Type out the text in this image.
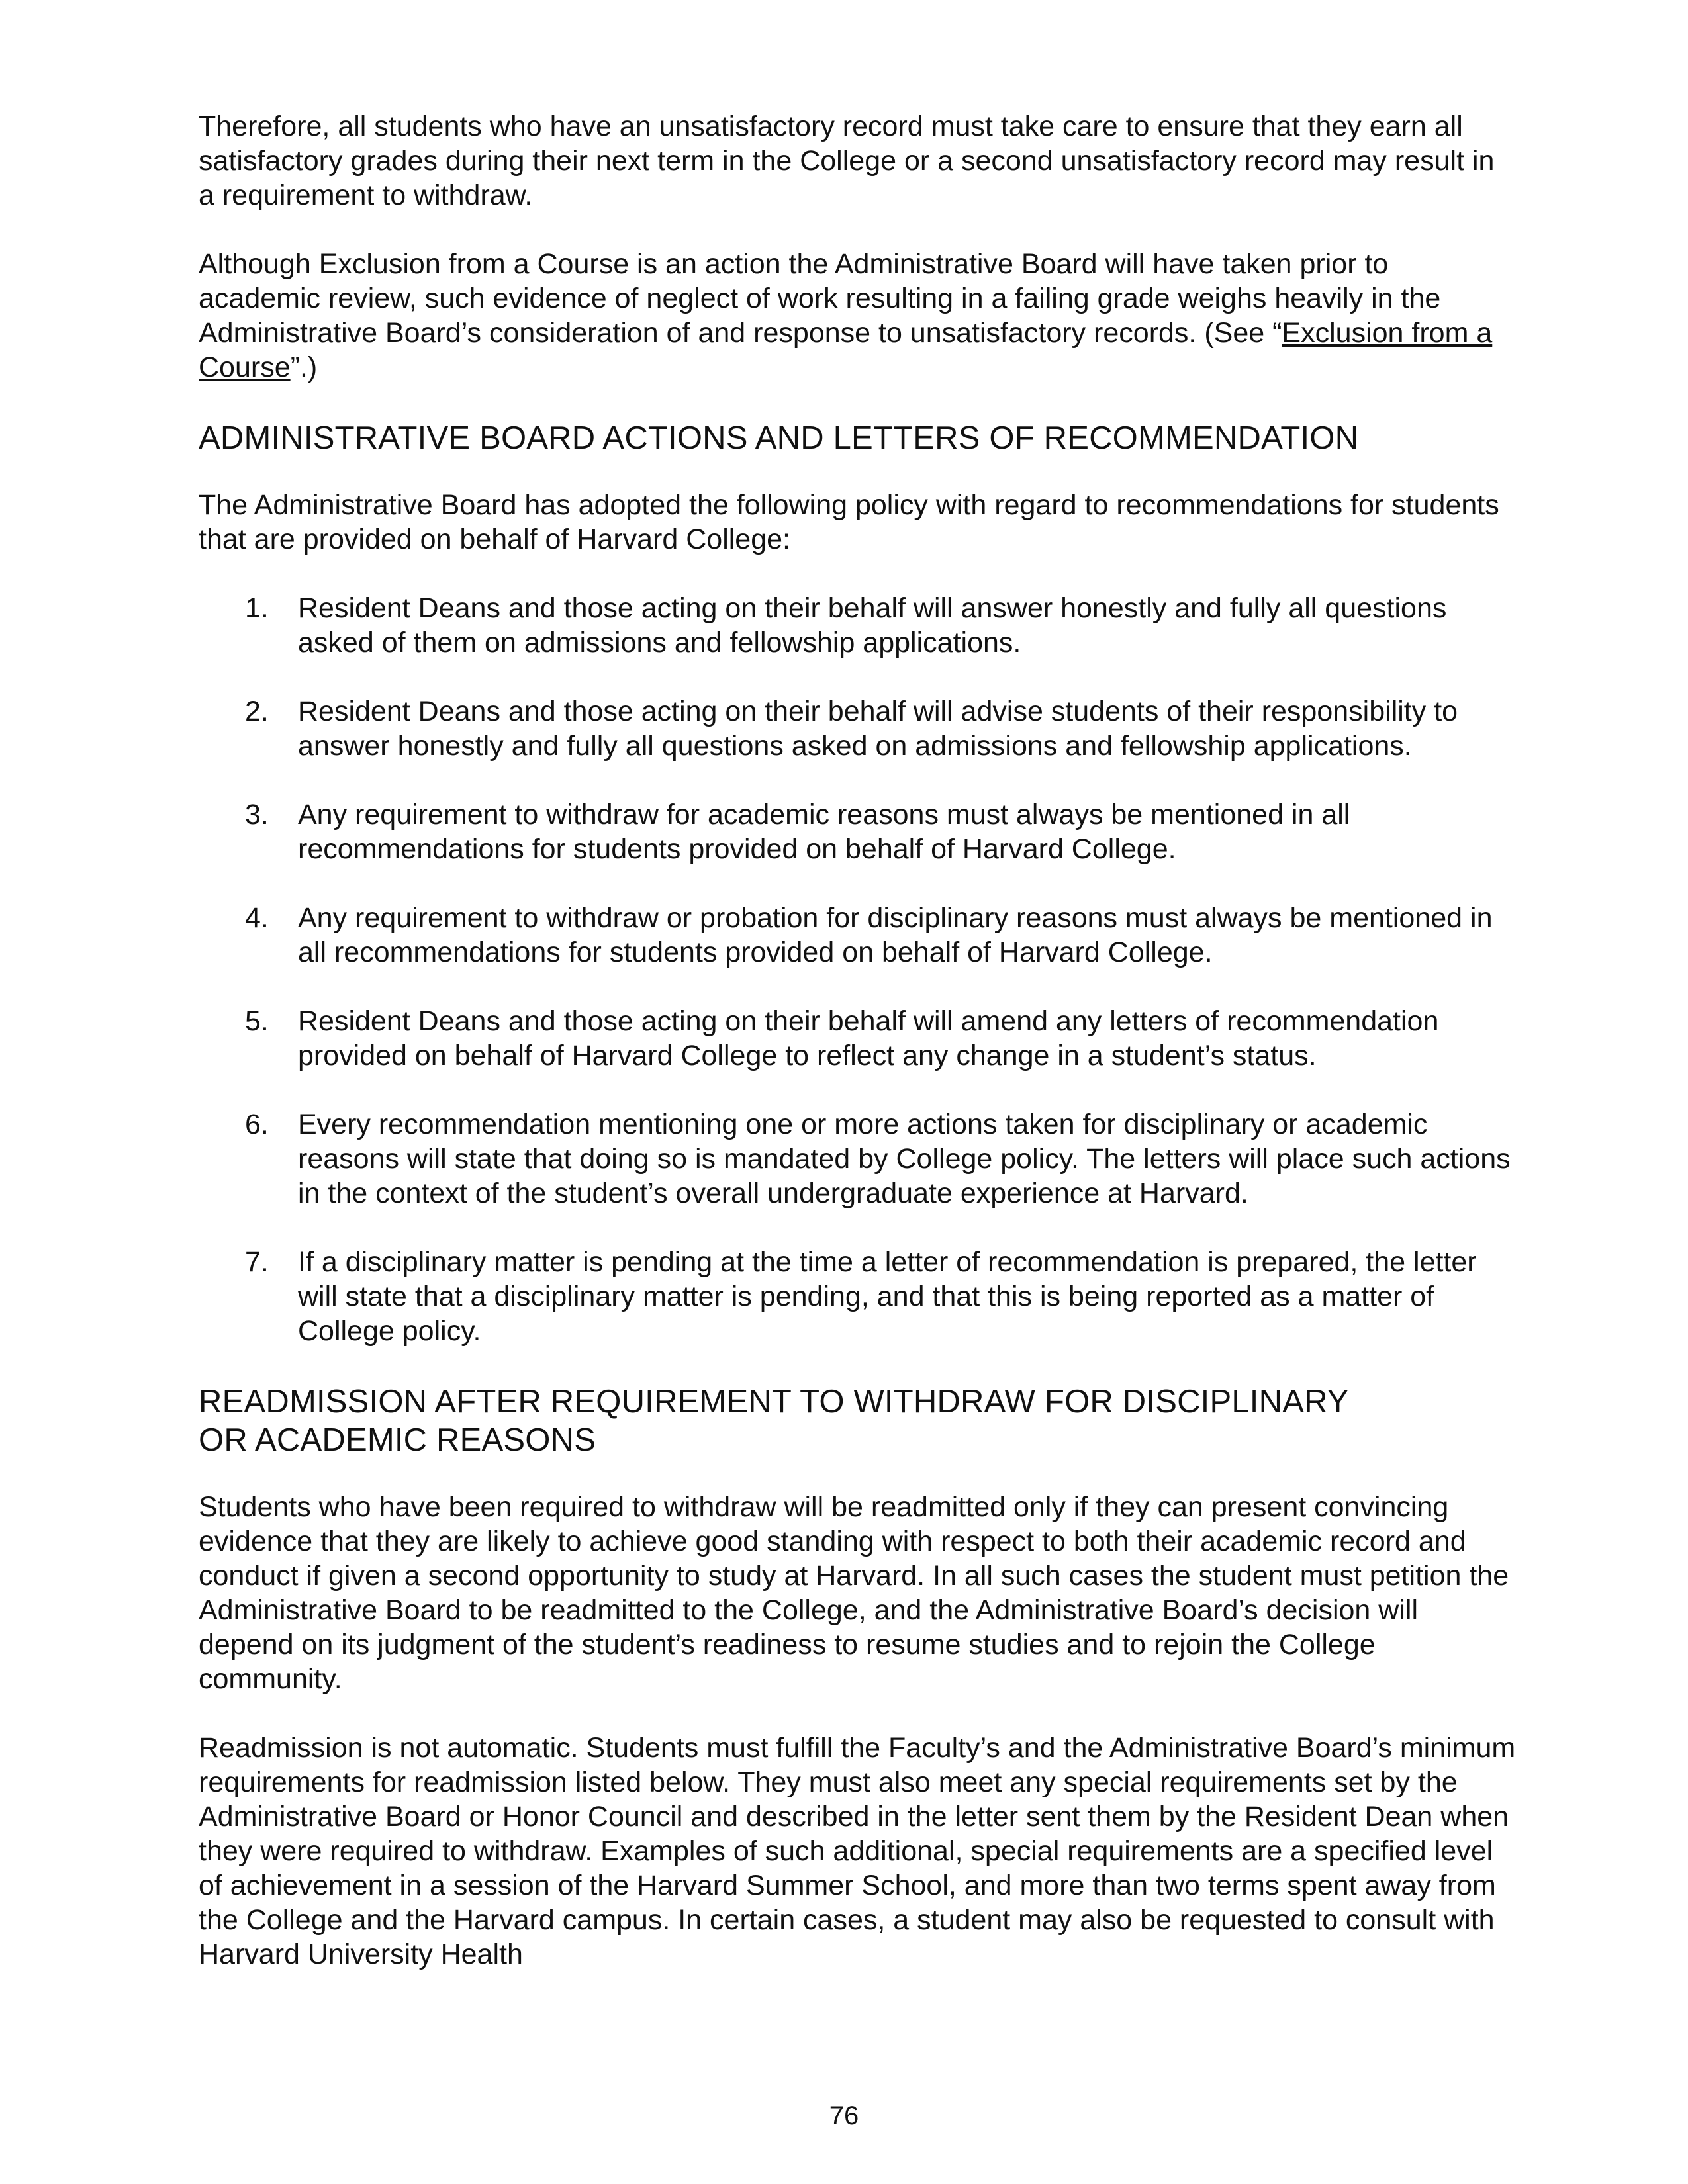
Therefore, all students who have an unsatisfactory record must take care to ensure that they earn all satisfactory grades during their next term in the College or a second unsatisfactory record may result in a requirement to withdraw.

Although Exclusion from a Course is an action the Administrative Board will have taken prior to academic review, such evidence of neglect of work resulting in a failing grade weighs heavily in the Administrative Board’s consideration of and response to unsatisfactory records. (See “Exclusion from a Course”.)

ADMINISTRATIVE BOARD ACTIONS AND LETTERS OF RECOMMENDATION

The Administrative Board has adopted the following policy with regard to recommendations for students that are provided on behalf of Harvard College:

1. Resident Deans and those acting on their behalf will answer honestly and fully all questions asked of them on admissions and fellowship applications.
2. Resident Deans and those acting on their behalf will advise students of their responsibility to answer honestly and fully all questions asked on admissions and fellowship applications.
3. Any requirement to withdraw for academic reasons must always be mentioned in all recommendations for students provided on behalf of Harvard College.
4. Any requirement to withdraw or probation for disciplinary reasons must always be mentioned in all recommendations for students provided on behalf of Harvard College.
5. Resident Deans and those acting on their behalf will amend any letters of recommendation provided on behalf of Harvard College to reflect any change in a student’s status.
6. Every recommendation mentioning one or more actions taken for disciplinary or academic reasons will state that doing so is mandated by College policy. The letters will place such actions in the context of the student’s overall undergraduate experience at Harvard.
7. If a disciplinary matter is pending at the time a letter of recommendation is prepared, the letter will state that a disciplinary matter is pending, and that this is being reported as a matter of College policy.
READMISSION AFTER REQUIREMENT TO WITHDRAW FOR DISCIPLINARY
OR ACADEMIC REASONS

Students who have been required to withdraw will be readmitted only if they can present convincing evidence that they are likely to achieve good standing with respect to both their academic record and conduct if given a second opportunity to study at Harvard. In all such cases the student must petition the Administrative Board to be readmitted to the College, and the Administrative Board’s decision will depend on its judgment of the student’s readiness to resume studies and to rejoin the College community.

Readmission is not automatic. Students must fulfill the Faculty’s and the Administrative Board’s minimum requirements for readmission listed below. They must also meet any special requirements set by the Administrative Board or Honor Council and described in the letter sent them by the Resident Dean when they were required to withdraw. Examples of such additional, special requirements are a specified level of achievement in a session of the Harvard Summer School, and more than two terms spent away from the College and the Harvard campus. In certain cases, a student may also be requested to consult with Harvard University Health

76
